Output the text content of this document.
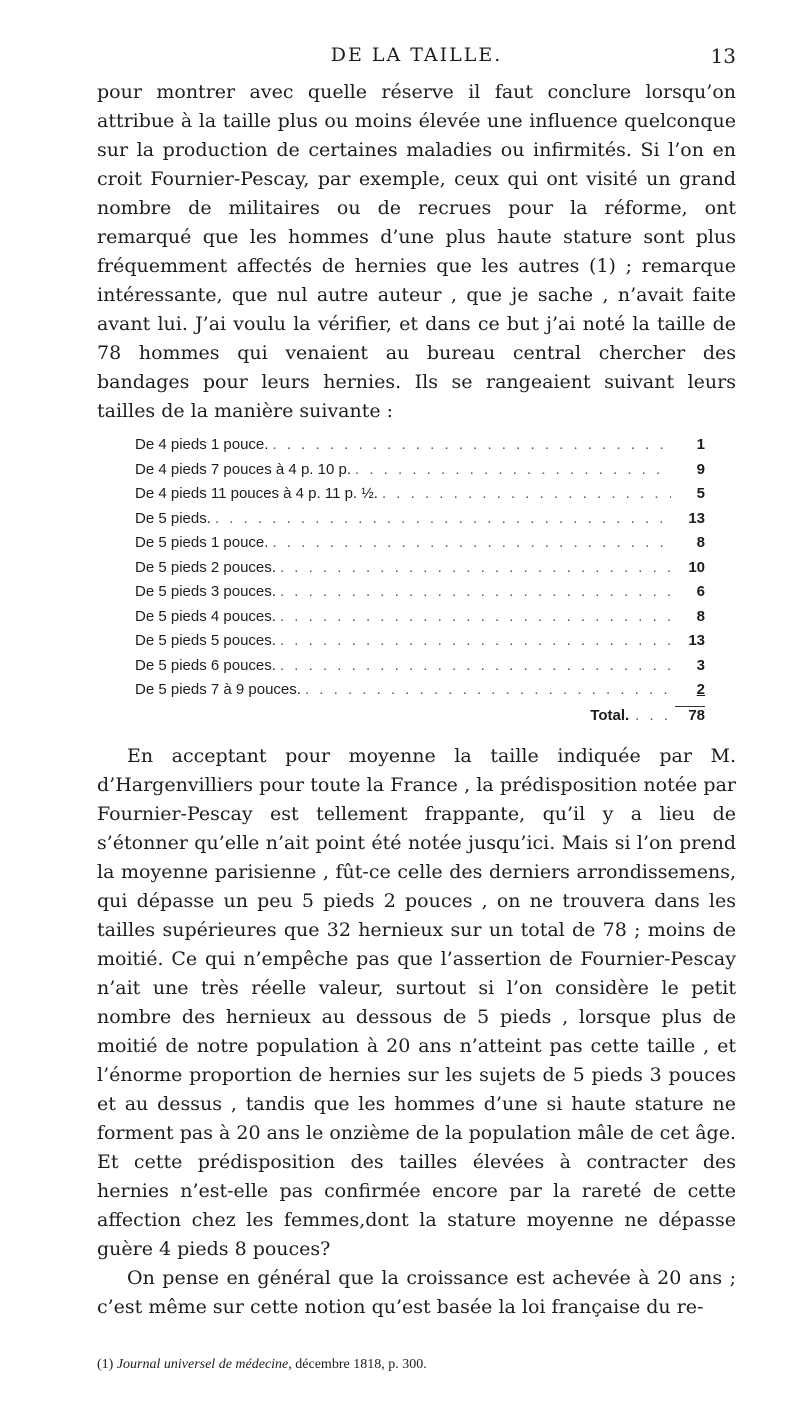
DE LA TAILLE.	13

pour montrer avec quelle réserve il faut conclure lorsqu’on attribue à la taille plus ou moins élevée une influence quelconque sur la production de certaines maladies ou infirmités. Si l’on en croit Fournier-Pescay, par exemple, ceux qui ont visité un grand nombre de militaires ou de recrues pour la réforme, ont remarqué que les hommes d’une plus haute stature sont plus fréquemment affectés de hernies que les autres (1) ; remarque intéressante, que nul autre auteur , que je sache , n’avait faite avant lui. J’ai voulu la vérifier, et dans ce but j’ai noté la taille de 78 hommes qui venaient au bureau central chercher des bandages pour leurs hernies. Ils se rangeaient suivant leurs tailles de la manière suivante :

De 4 pieds 1 pouce. . . .	1
De 4 pieds 7 pouces à 4 p. 10 p. . . .	9
De 4 pieds 11 pouces à 4 p. 11 p. ½. . . .	5
De 5 pieds. . . .	13
De 5 pieds 1 pouce. . . .	8
De 5 pieds 2 pouces. . . .	10
De 5 pieds 3 pouces. . . .	6
De 5 pieds 4 pouces. . . .	8
De 5 pieds 5 pouces. . . .	13
De 5 pieds 6 pouces. . . .	3
De 5 pieds 7 à 9 pouces. . . .	2
Total. . . .	78

En acceptant pour moyenne la taille indiquée par M. d’Hargenvilliers pour toute la France , la prédisposition notée par Fournier-Pescay est tellement frappante, qu’il y a lieu de s’étonner qu’elle n’ait point été notée jusqu’ici. Mais si l’on prend la moyenne parisienne , fût-ce celle des derniers arrondissemens, qui dépasse un peu 5 pieds 2 pouces , on ne trouvera dans les tailles supérieures que 32 hernieux sur un total de 78 ; moins de moitié. Ce qui n’empêche pas que l’assertion de Fournier-Pescay n’ait une très réelle valeur, surtout si l’on considère le petit nombre des hernieux au dessous de 5 pieds , lorsque plus de moitié de notre population à 20 ans n’atteint pas cette taille , et l’énorme proportion de hernies sur les sujets de 5 pieds 3 pouces et au dessus , tandis que les hommes d’une si haute stature ne forment pas à 20 ans le onzième de la population mâle de cet âge. Et cette prédisposition des tailles élevées à contracter des hernies n’est-elle pas confirmée encore par la rareté de cette affection chez les femmes,dont la stature moyenne ne dépasse guère 4 pieds 8 pouces?

On pense en général que la croissance est achevée à 20 ans ; c’est même sur cette notion qu’est basée la loi française du re-

(1) Journal universel de médecine, décembre 1818, p. 300.
